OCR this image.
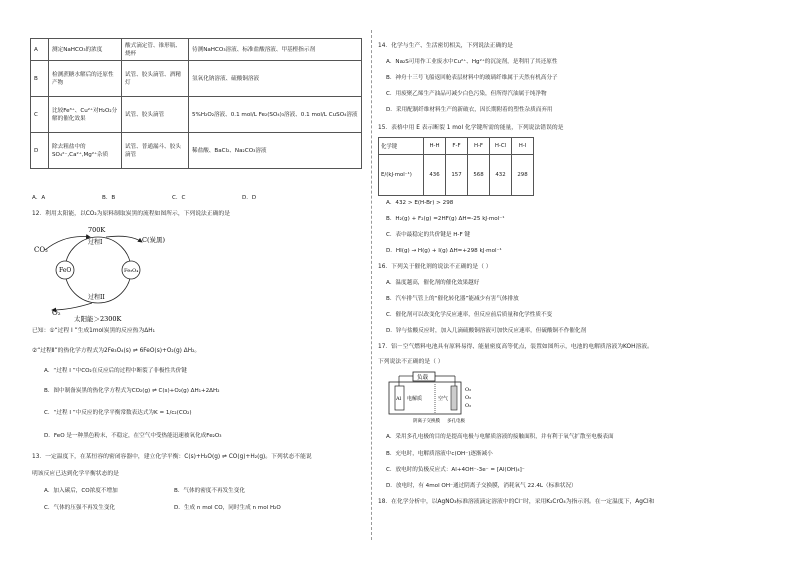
A	测定NaHCO₃的浓度	酸式滴定管、锥形瓶、烧杯	待测NaHCO₃溶液、标准盐酸溶液、甲基橙指示剂
B	检测蔗糖水解后的还原性产物	试管、胶头滴管、酒精灯	氢氧化钠溶液、硫酸铜溶液
C	比较Fe³⁺、Cu²⁺对H₂O₂分解的催化效果	试管、胶头滴管	5%H₂O₂溶液、0.1 mol/L Fe₂(SO₄)₃溶液、0.1 mol/L CuSO₄溶液
D	除去粗盐中的SO₄²⁻,Ca²⁺,Mg²⁺杂质	试管、普通漏斗、胶头滴管	稀盐酸、BaCl₂、Na₂CO₃溶液
A．A	B．B	C．C	D．D
12．利用太阳能，以CO₂为原料制取炭黑的流程如图所示，下列说法正确的是
FeO	Fe₃O₄
CO₂
700K
过程I	C(炭黑)
过程II
O₂
太阳能＞2300K
已知：①“过程 I ”生成1mol炭黑的反应热为ΔH₁
②“过程Ⅱ”的热化学方程式为2Fe₃O₄(s) ⇌ 6FeO(s)+O₂(g) ΔH₂。
A．“过程 I ”中CO₂在反应后的过程中断裂了非极性共价键
B．图中制备炭黑的热化学方程式为CO₂(g) ⇌ C(s)+O₂(g) ΔH₁+2ΔH₂
C．“过程 I ”中反应的化学平衡常数表达式为K = 1/c₂(CO₂)
D．FeO 是一种黑色粉末，不稳定，在空气中受热能迅速被氧化成Fe₂O₃
13．一定温度下，在某恒容的密闭容器中，建立化学平衡：C(s)+H₂O(g) ⇌ CO(g)+H₂(g)。下列状态不能说
明该反应已达到化学平衡状态的是
A．加入碳后，CO浓度不增加	B．气体的密度不再发生变化
C．气体的压强不再发生变化	D．生成 n mol CO，同时生成 n mol H₂O
14．化学与生产、生活密切相关，下列说法正确的是
A．Na₂S可用作工业废水中Cu²⁺、Hg²⁺的沉淀剂，是利用了其还原性
B．神舟十三号飞船返回舱表层材料中的玻璃纤维属于天然有机高分子
C．用废聚乙烯生产油品可减少白色污染，但所得汽油属于纯净物
D．采用配制纤维材料生产的新破衣，因长期附着的塑性杂质而弃用
15．表格中用 E 表示断裂 1 mol 化学键所需的能量，下列说法错误的是
化学键	H-H	F-F	H-F	H-Cl	H-I
E/(kJ·mol⁻¹)	436	157	568	432	298
A．432 > E(H-Br) > 298
B．H₂(g) + F₂(g) =2HF(g) ΔH=-25 kJ·mol⁻¹
C．表中最稳定的共价键是 H-F 键
D．HI(g) → H(g) + I(g) ΔH=+298 kJ·mol⁻¹
16．下列关于催化剂的说法不正确的是（ ）
A．温度越高，催化剂的催化效果越好
B．汽车排气管上的“催化转化器”能减少有害气体排放
C．催化剂可以改变化学反应速率，但反应前后质量和化学性质不变
D．锌与盐酸反应时，加入几滴硫酸铜溶液可加快反应速率，但硫酸铜不作催化剂
17．铝－空气燃料电池具有原料易得、能量密度高等优点，装置如图所示，电池的电解质溶液为KOH溶液。
下列说法不正确的是（ ）
负载
Al 电解质	空气
O₂
O₂
O₂
阴离子交换膜 多孔电极
A．采用多孔电极的目的是提高电极与电解质溶液的接触面积，并有利于氧气扩散至电极表面
B．充电时，电解质溶液中c(OH⁻)逐渐减小
C．放电时的负极反应式：Al+4OH⁻-3e⁻ = [Al(OH)₄]⁻
D．放电时，有 4mol OH⁻通过阴离子交换膜，消耗氧气 22.4L（标准状况）
18．在化学分析中，以AgNO₃标准溶液滴定溶液中的Cl⁻时，采用K₂CrO₄为指示剂。在一定温度下，AgCl和
